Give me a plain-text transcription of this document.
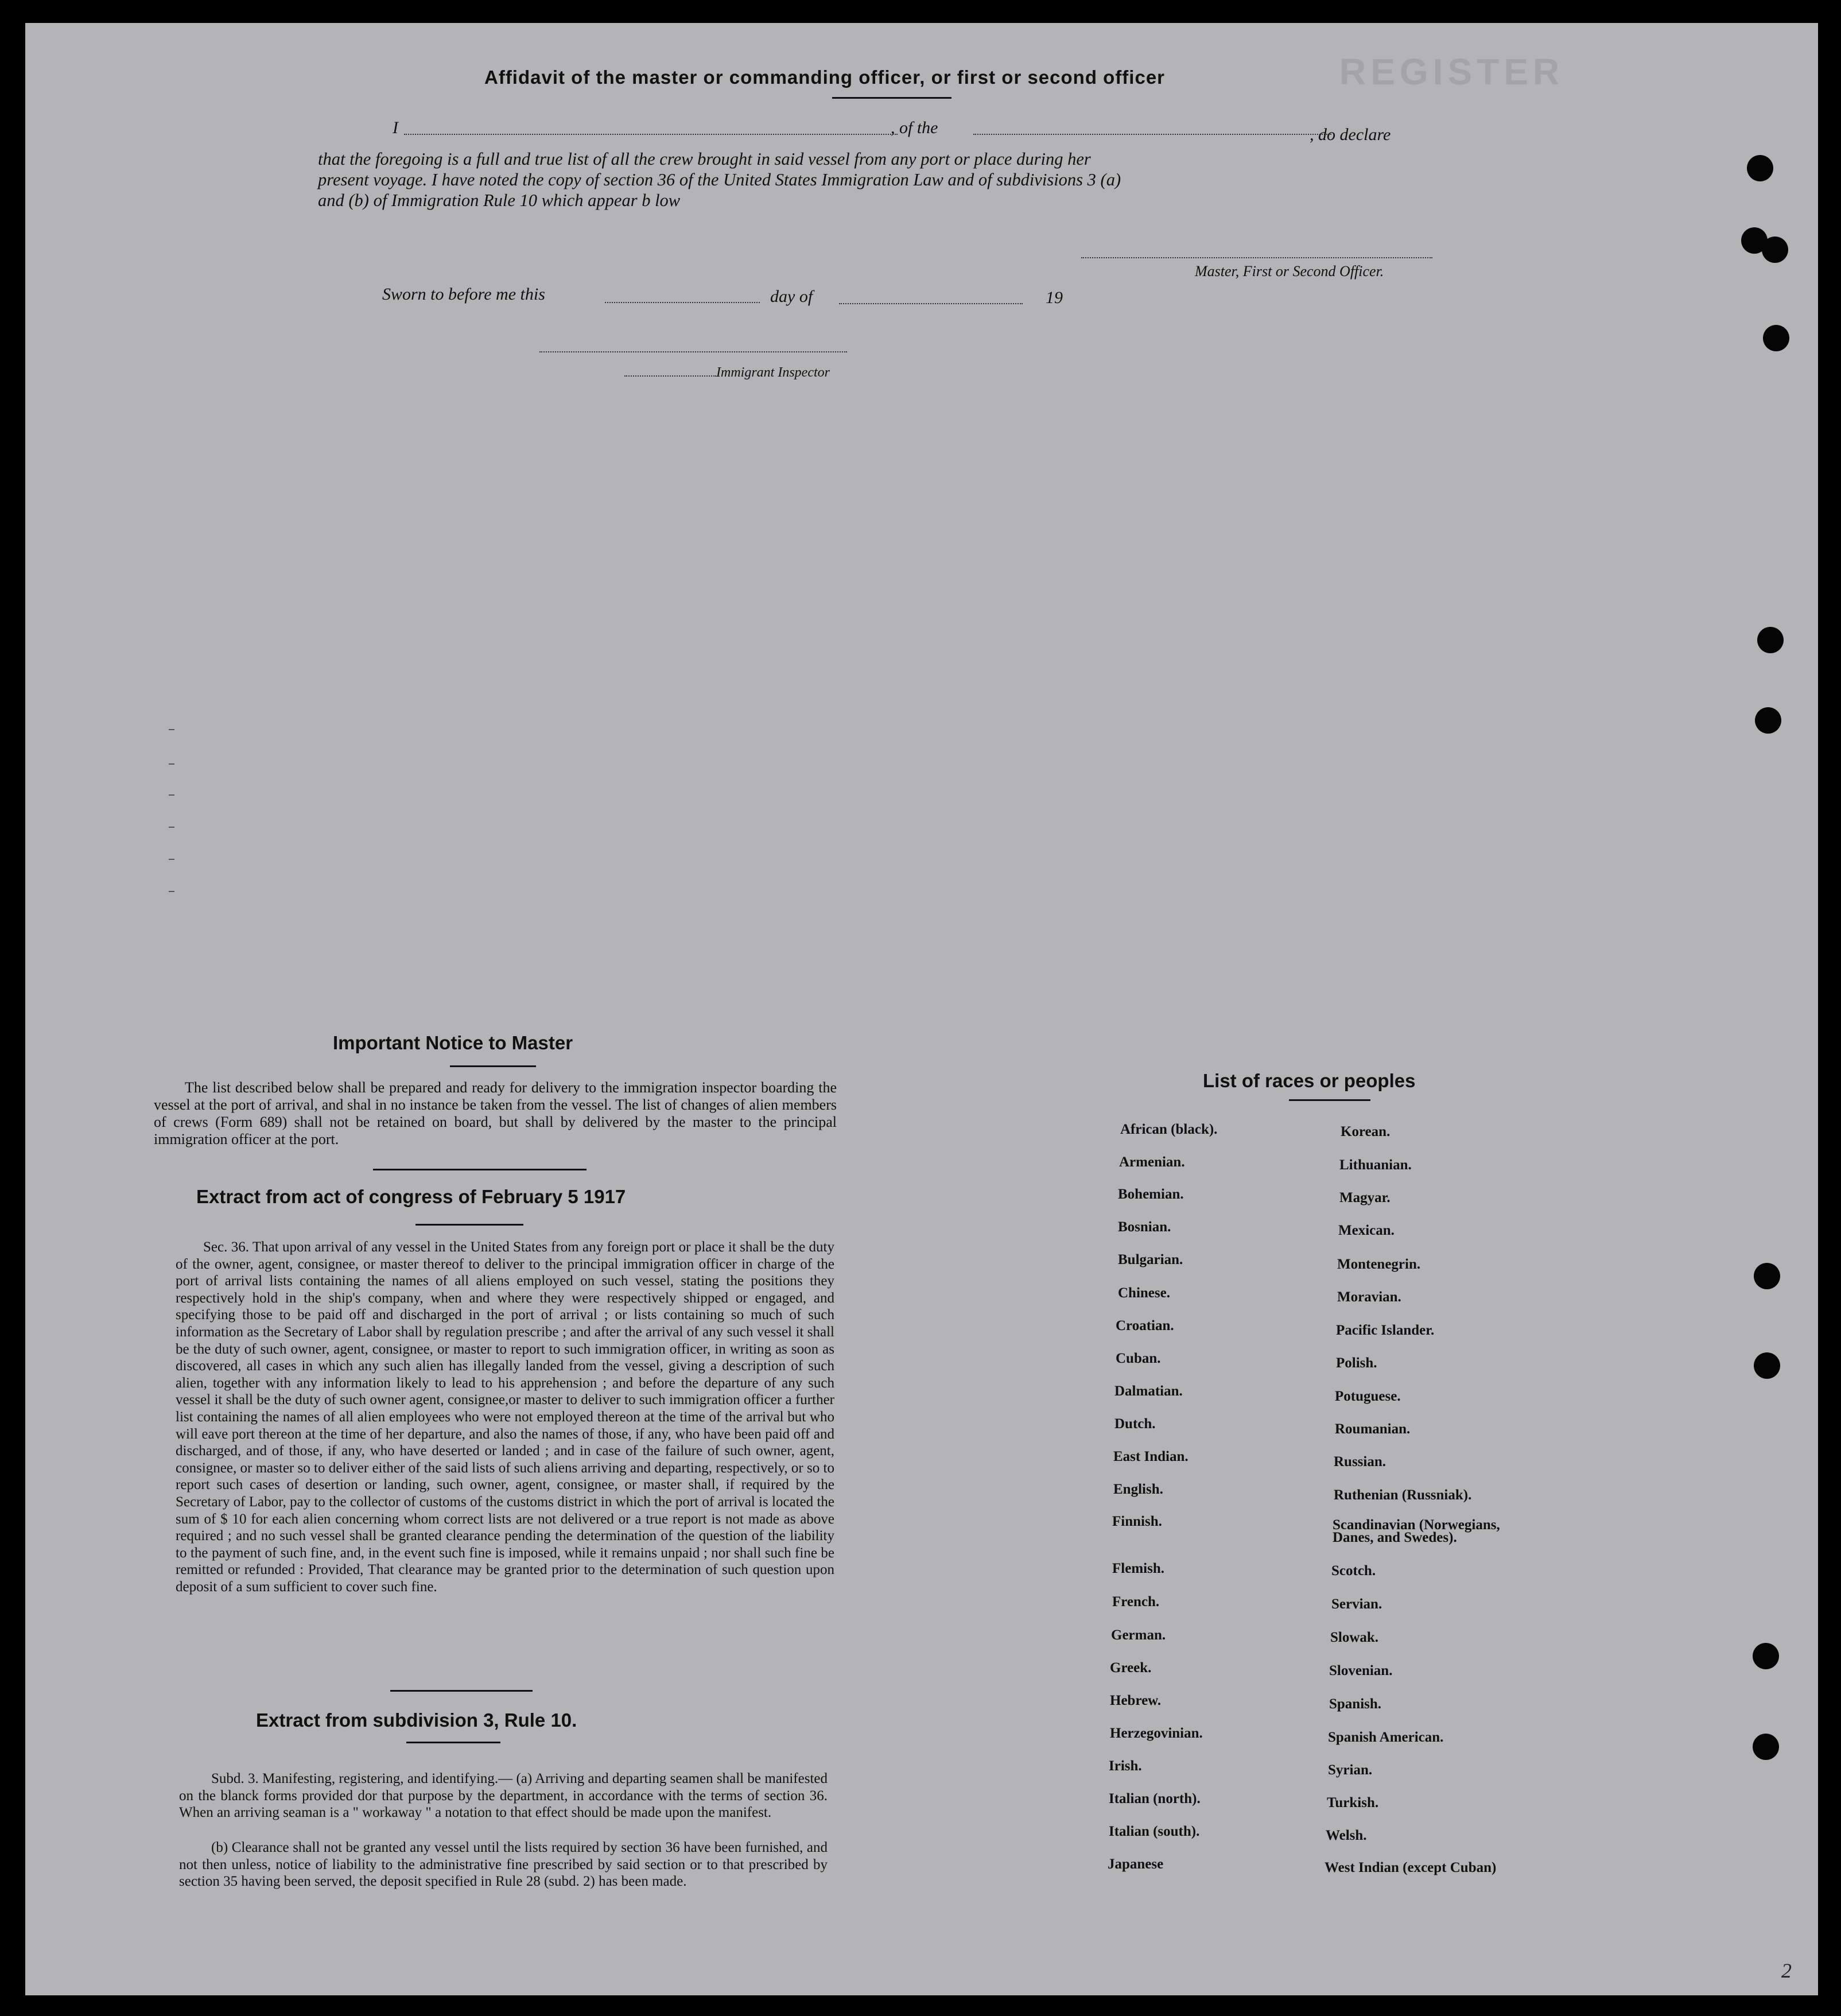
REGISTER
Affidavit of the master or commanding officer, or first or second officer
I	, of the	, do declare
that the foregoing is a full and true list of all the crew brought in said vessel from any port or place during her
present voyage. I have noted the copy of section 36 of the United States Immigration Law and of subdivisions 3 (a)
and (b) of Immigration Rule 10 which appear b low
Master, First or Second Officer.
Sworn to before me this	day of	19
Immigrant Inspector
Important Notice to Master
The list described below shall be prepared and ready for delivery to the immigration inspector boarding the vessel at the port of arrival, and shal in no instance be taken from the vessel. The list of changes of alien members of crews (Form 689) shall not be retained on board, but shall by delivered by the master to the principal immigration officer at the port.
Extract from act of congress of February 5 1917
Sec. 36. That upon arrival of any vessel in the United States from any foreign port or place it shall be the duty of the owner, agent, consignee, or master thereof to deliver to the principal immigration officer in charge of the port of arrival lists containing the names of all aliens employed on such vessel, stating the positions they respectively hold in the ship's company, when and where they were respectively shipped or engaged, and specifying those to be paid off and discharged in the port of arrival ; or lists containing so much of such information as the Secretary of Labor shall by regulation prescribe ; and after the arrival of any such vessel it shall be the duty of such owner, agent, consignee, or master to report to such immigration officer, in writing as soon as discovered, all cases in which any such alien has illegally landed from the vessel, giving a description of such alien, together with any information likely to lead to his apprehension ; and before the departure of any such vessel it shall be the duty of such owner agent, consignee,or master to deliver to such immigration officer a further list containing the names of all alien employees who were not employed thereon at the time of the arrival but who will eave port thereon at the time of her departure, and also the names of those, if any, who have been paid off and discharged, and of those, if any, who have deserted or landed ; and in case of the failure of such owner, agent, consignee, or master so to deliver either of the said lists of such aliens arriving and departing, respectively, or so to report such cases of desertion or landing, such owner, agent, consignee, or master shall, if required by the Secretary of Labor, pay to the collector of customs of the customs district in which the port of arrival is located the sum of $ 10 for each alien concerning whom correct lists are not delivered or a true report is not made as above required ; and no such vessel shall be granted clearance pending the determination of the question of the liability to the payment of such fine, and, in the event such fine is imposed, while it remains unpaid ; nor shall such fine be remitted or refunded : Provided, That clearance may be granted prior to the determination of such question upon deposit of a sum sufficient to cover such fine.
Extract from subdivision 3, Rule 10.
Subd. 3. Manifesting, registering, and identifying.— (a) Arriving and departing seamen shall be manifested on the blanck forms provided dor that purpose by the department, in accordance with the terms of section 36. When an arriving seaman is a " workaway " a notation to that effect should be made upon the manifest.
(b) Clearance shall not be granted any vessel until the lists required by section 36 have been furnished, and not then unless, notice of liability to the administrative fine prescribed by said section or to that prescribed by section 35 having been served, the deposit specified in Rule 28 (subd. 2) has been made.
List of races or peoples
African (black).
Armenian.
Bohemian.
Bosnian.
Bulgarian.
Chinese.
Croatian.
Cuban.
Dalmatian.
Dutch.
East Indian.
English.
Finnish.
Flemish.
French.
German.
Greek.
Hebrew.
Herzegovinian.
Irish.
Italian (north).
Italian (south).
Japanese
Korean.
Lithuanian.
Magyar.
Mexican.
Montenegrin.
Moravian.
Pacific Islander.
Polish.
Potuguese.
Roumanian.
Russian.
Ruthenian (Russniak).
Scandinavian (Norwegians, Danes, and Swedes).
Scotch.
Servian.
Slowak.
Slovenian.
Spanish.
Spanish American.
Syrian.
Turkish.
Welsh.
West Indian (except Cuban)
2
